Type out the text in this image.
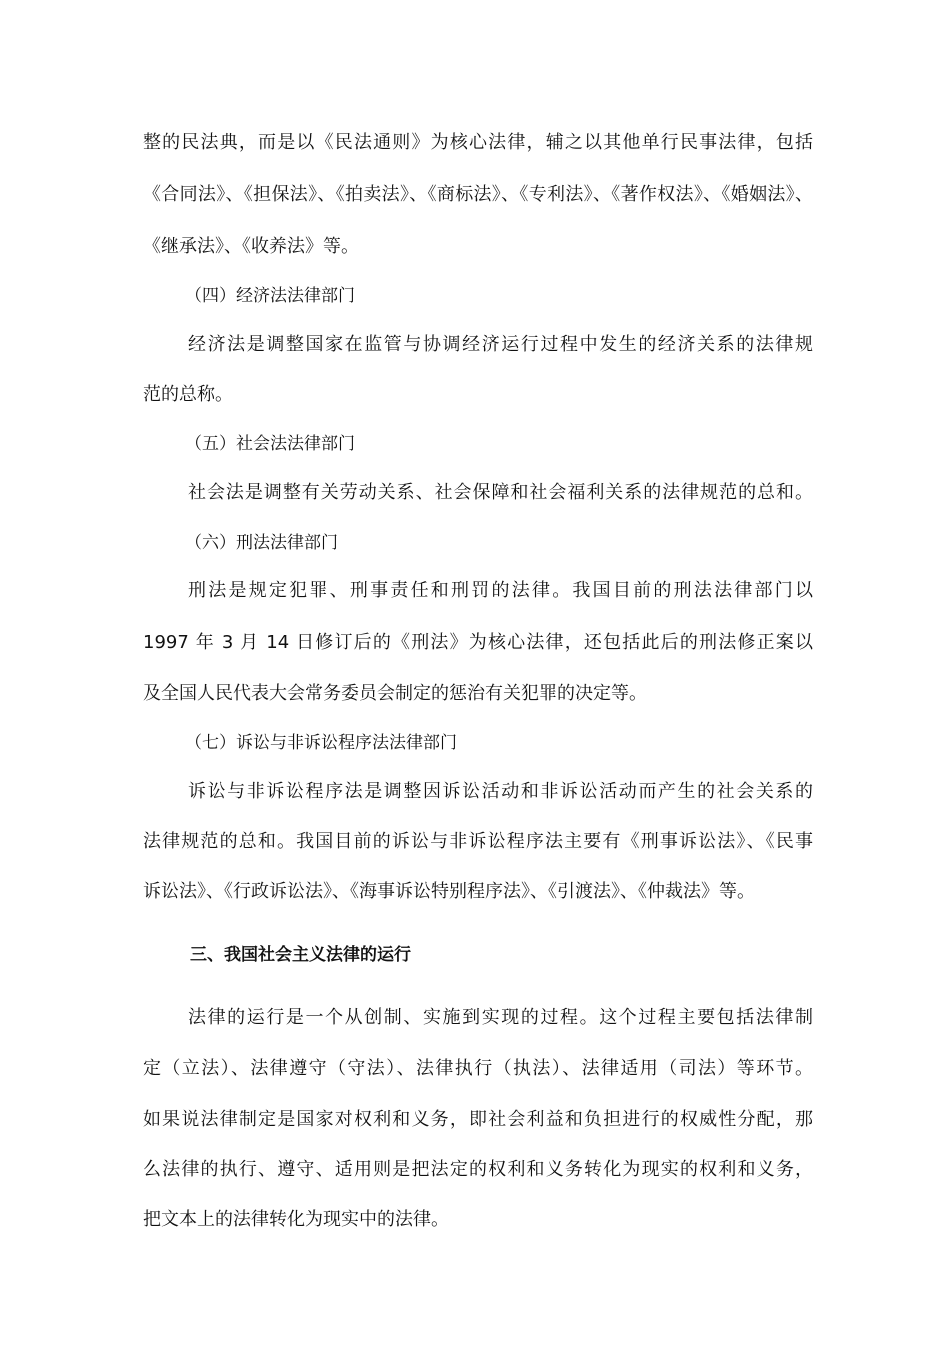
整的民法典，而是以《民法通则》为核心法律，辅之以其他单行民事法律，包括
《合同法》、《担保法》、《拍卖法》、《商标法》、《专利法》、《著作权法》、《婚姻法》、
《继承法》、《收养法》等。
（四）经济法法律部门
经济法是调整国家在监管与协调经济运行过程中发生的经济关系的法律规
范的总称。
（五）社会法法律部门
社会法是调整有关劳动关系、社会保障和社会福利关系的法律规范的总和。
（六）刑法法律部门
刑法是规定犯罪、刑事责任和刑罚的法律。我国目前的刑法法律部门以
1997 年 3 月 14 日修订后的《刑法》为核心法律，还包括此后的刑法修正案以
及全国人民代表大会常务委员会制定的惩治有关犯罪的决定等。
（七）诉讼与非诉讼程序法法律部门
诉讼与非诉讼程序法是调整因诉讼活动和非诉讼活动而产生的社会关系的
法律规范的总和。我国目前的诉讼与非诉讼程序法主要有《刑事诉讼法》、《民事
诉讼法》、《行政诉讼法》、《海事诉讼特别程序法》、《引渡法》、《仲裁法》等。
三、我国社会主义法律的运行
法律的运行是一个从创制、实施到实现的过程。这个过程主要包括法律制
定（立法）、法律遵守（守法）、法律执行（执法）、法律适用（司法）等环节。
如果说法律制定是国家对权利和义务，即社会利益和负担进行的权威性分配，那
么法律的执行、遵守、适用则是把法定的权利和义务转化为现实的权利和义务，
把文本上的法律转化为现实中的法律。
